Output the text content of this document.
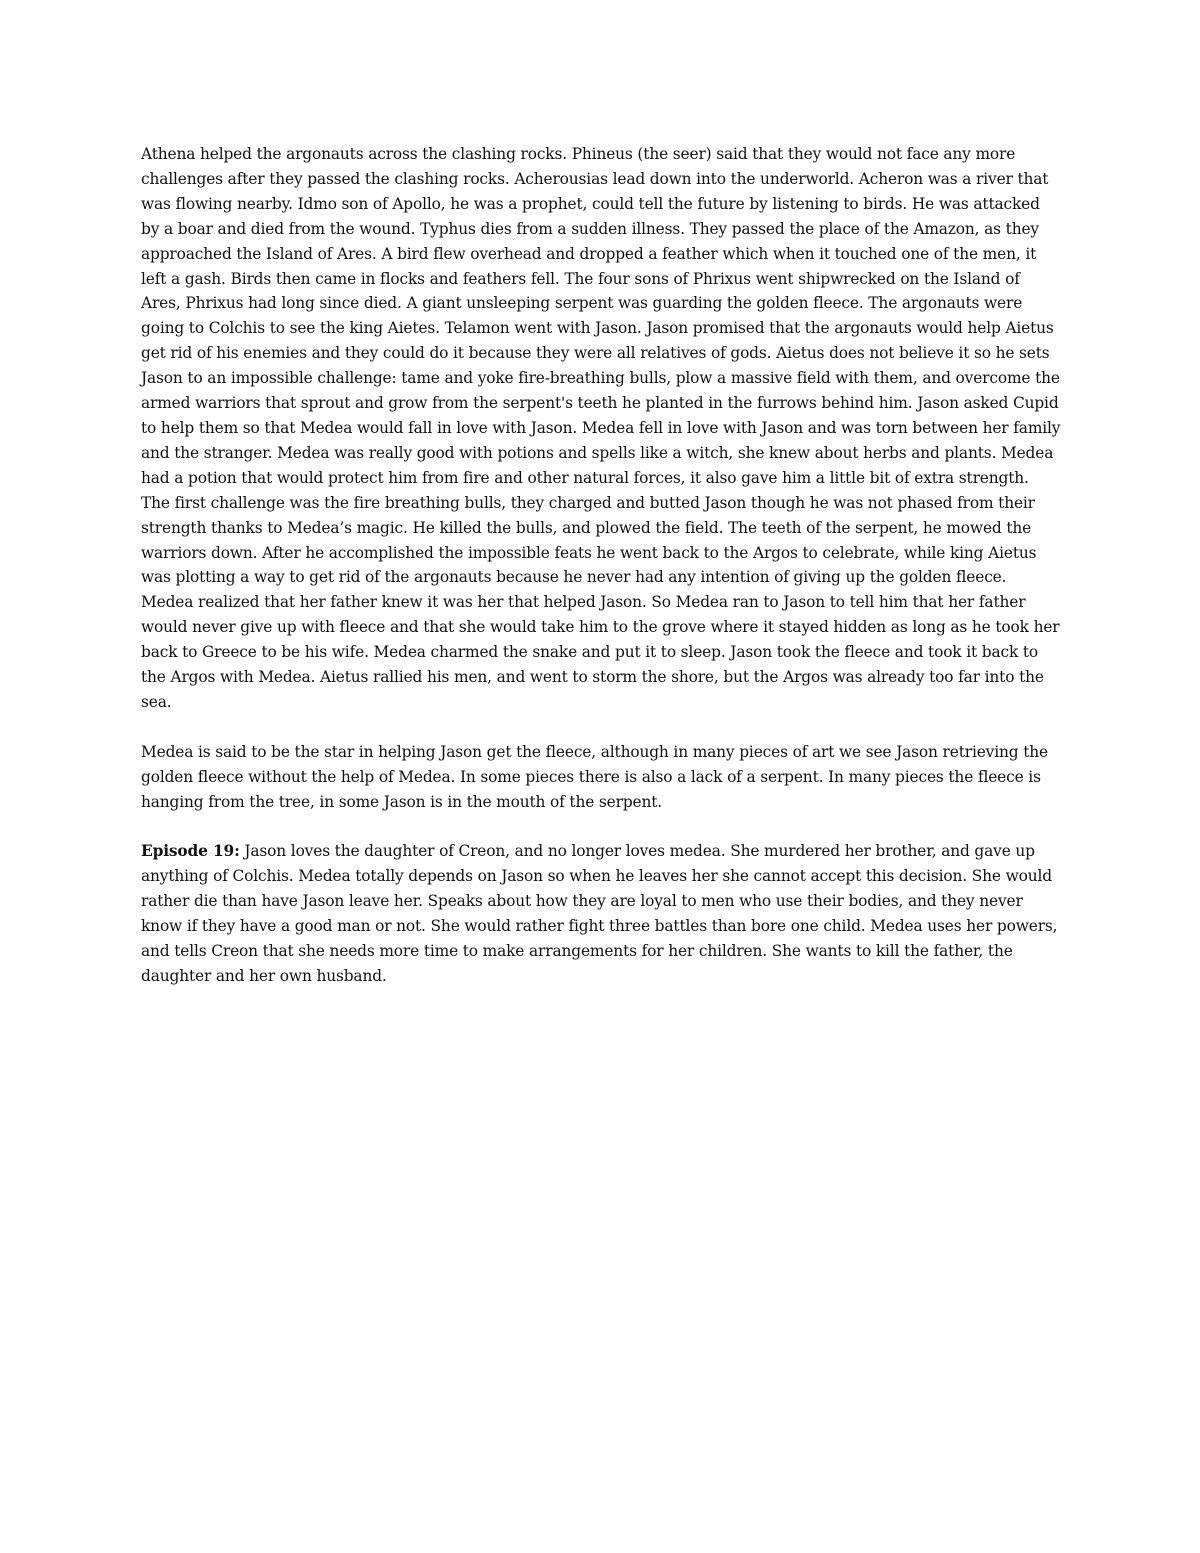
Athena helped the argonauts across the clashing rocks. Phineus (the seer) said that they would not face any more challenges after they passed the clashing rocks. Acherousias lead down into the underworld. Acheron was a river that was flowing nearby. Idmo son of Apollo, he was a prophet, could tell the future by listening to birds. He was attacked by a boar and died from the wound. Typhus dies from a sudden illness. They passed the place of the Amazon, as they approached the Island of Ares. A bird flew overhead and dropped a feather which when it touched one of the men, it left a gash. Birds then came in flocks and feathers fell. The four sons of Phrixus went shipwrecked on the Island of Ares, Phrixus had long since died. A giant unsleeping serpent was guarding the golden fleece. The argonauts were going to Colchis to see the king Aietes. Telamon went with Jason. Jason promised that the argonauts would help Aietus get rid of his enemies and they could do it because they were all relatives of gods. Aietus does not believe it so he sets Jason to an impossible challenge: tame and yoke fire-breathing bulls, plow a massive field with them, and overcome the armed warriors that sprout and grow from the serpent's teeth he planted in the furrows behind him. Jason asked Cupid to help them so that Medea would fall in love with Jason. Medea fell in love with Jason and was torn between her family and the stranger. Medea was really good with potions and spells like a witch, she knew about herbs and plants. Medea had a potion that would protect him from fire and other natural forces, it also gave him a little bit of extra strength. The first challenge was the fire breathing bulls, they charged and butted Jason though he was not phased from their strength thanks to Medea’s magic. He killed the bulls, and plowed the field. The teeth of the serpent, he mowed the warriors down. After he accomplished the impossible feats he went back to the Argos to celebrate, while king Aietus was plotting a way to get rid of the argonauts because he never had any intention of giving up the golden fleece. Medea realized that her father knew it was her that helped Jason. So Medea ran to Jason to tell him that her father would never give up with fleece and that she would take him to the grove where it stayed hidden as long as he took her back to Greece to be his wife. Medea charmed the snake and put it to sleep. Jason took the fleece and took it back to the Argos with Medea. Aietus rallied his men, and went to storm the shore, but the Argos was already too far into the sea.

Medea is said to be the star in helping Jason get the fleece, although in many pieces of art we see Jason retrieving the golden fleece without the help of Medea. In some pieces there is also a lack of a serpent. In many pieces the fleece is hanging from the tree, in some Jason is in the mouth of the serpent.

Episode 19: Jason loves the daughter of Creon, and no longer loves medea. She murdered her brother, and gave up anything of Colchis. Medea totally depends on Jason so when he leaves her she cannot accept this decision. She would rather die than have Jason leave her. Speaks about how they are loyal to men who use their bodies, and they never know if they have a good man or not. She would rather fight three battles than bore one child. Medea uses her powers, and tells Creon that she needs more time to make arrangements for her children. She wants to kill the father, the daughter and her own husband.
